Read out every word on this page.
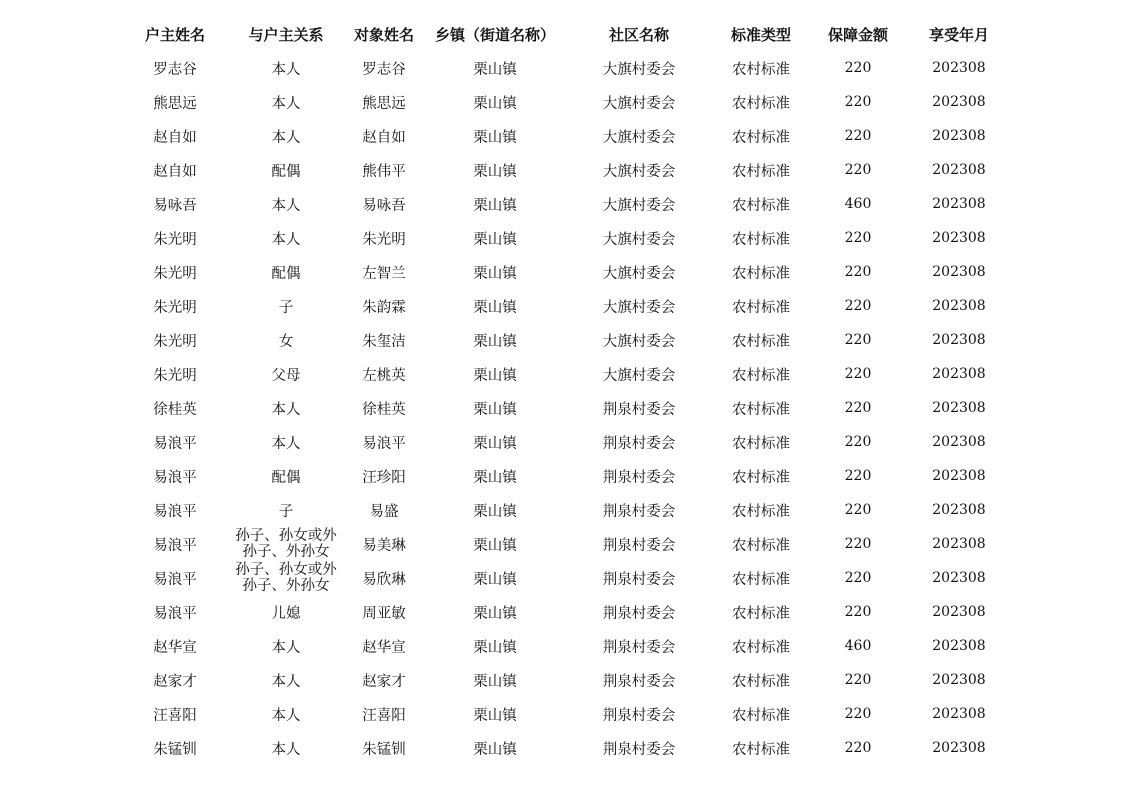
户主姓名	与户主关系	对象姓名	乡镇（街道名称）	社区名称	标准类型	保障金额	享受年月
罗志谷	本人	罗志谷	栗山镇	大旗村委会	农村标准	220	202308
熊思远	本人	熊思远	栗山镇	大旗村委会	农村标准	220	202308
赵自如	本人	赵自如	栗山镇	大旗村委会	农村标准	220	202308
赵自如	配偶	熊伟平	栗山镇	大旗村委会	农村标准	220	202308
易咏吾	本人	易咏吾	栗山镇	大旗村委会	农村标准	460	202308
朱光明	本人	朱光明	栗山镇	大旗村委会	农村标准	220	202308
朱光明	配偶	左智兰	栗山镇	大旗村委会	农村标准	220	202308
朱光明	子	朱韵霖	栗山镇	大旗村委会	农村标准	220	202308
朱光明	女	朱玺洁	栗山镇	大旗村委会	农村标准	220	202308
朱光明	父母	左桃英	栗山镇	大旗村委会	农村标准	220	202308
徐桂英	本人	徐桂英	栗山镇	荆泉村委会	农村标准	220	202308
易浪平	本人	易浪平	栗山镇	荆泉村委会	农村标准	220	202308
易浪平	配偶	汪珍阳	栗山镇	荆泉村委会	农村标准	220	202308
易浪平	子	易盛	栗山镇	荆泉村委会	农村标准	220	202308
易浪平	孙子、孙女或外孙子、外孙女	易美琳	栗山镇	荆泉村委会	农村标准	220	202308
易浪平	孙子、孙女或外孙子、外孙女	易欣琳	栗山镇	荆泉村委会	农村标准	220	202308
易浪平	儿媳	周亚敏	栗山镇	荆泉村委会	农村标准	220	202308
赵华宣	本人	赵华宣	栗山镇	荆泉村委会	农村标准	460	202308
赵家才	本人	赵家才	栗山镇	荆泉村委会	农村标准	220	202308
汪喜阳	本人	汪喜阳	栗山镇	荆泉村委会	农村标准	220	202308
朱锰钏	本人	朱锰钏	栗山镇	荆泉村委会	农村标准	220	202308
